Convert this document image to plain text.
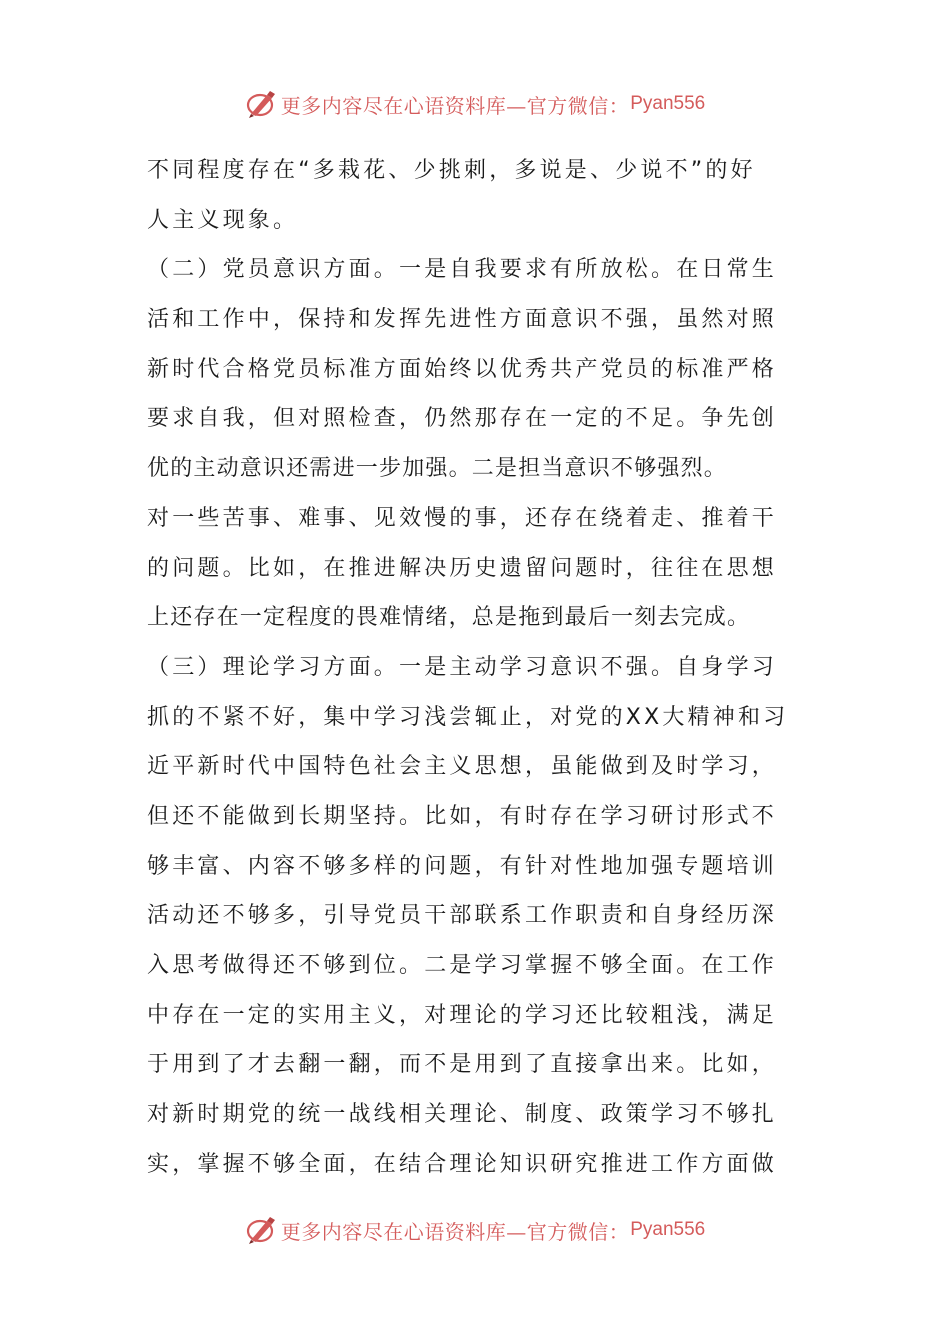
更多内容尽在心语资料库—官方微信： Pyan556
不同程度存在“多栽花、少挑刺，多说是、少说不”的好
人主义现象。
（二）党员意识方面。一是自我要求有所放松。在日常生
活和工作中，保持和发挥先进性方面意识不强，虽然对照
新时代合格党员标准方面始终以优秀共产党员的标准严格
要求自我，但对照检查，仍然那存在一定的不足。争先创
优的主动意识还需进一步加强。二是担当意识不够强烈。
对一些苦事、难事、见效慢的事，还存在绕着走、推着干
的问题。比如，在推进解决历史遗留问题时，往往在思想
上还存在一定程度的畏难情绪，总是拖到最后一刻去完成。
（三）理论学习方面。一是主动学习意识不强。自身学习
抓的不紧不好，集中学习浅尝辄止，对党的XX大精神和习
近平新时代中国特色社会主义思想，虽能做到及时学习，
但还不能做到长期坚持。比如，有时存在学习研讨形式不
够丰富、内容不够多样的问题，有针对性地加强专题培训
活动还不够多，引导党员干部联系工作职责和自身经历深
入思考做得还不够到位。二是学习掌握不够全面。在工作
中存在一定的实用主义，对理论的学习还比较粗浅，满足
于用到了才去翻一翻，而不是用到了直接拿出来。比如，
对新时期党的统一战线相关理论、制度、政策学习不够扎
实，掌握不够全面，在结合理论知识研究推进工作方面做
更多内容尽在心语资料库—官方微信： Pyan556
